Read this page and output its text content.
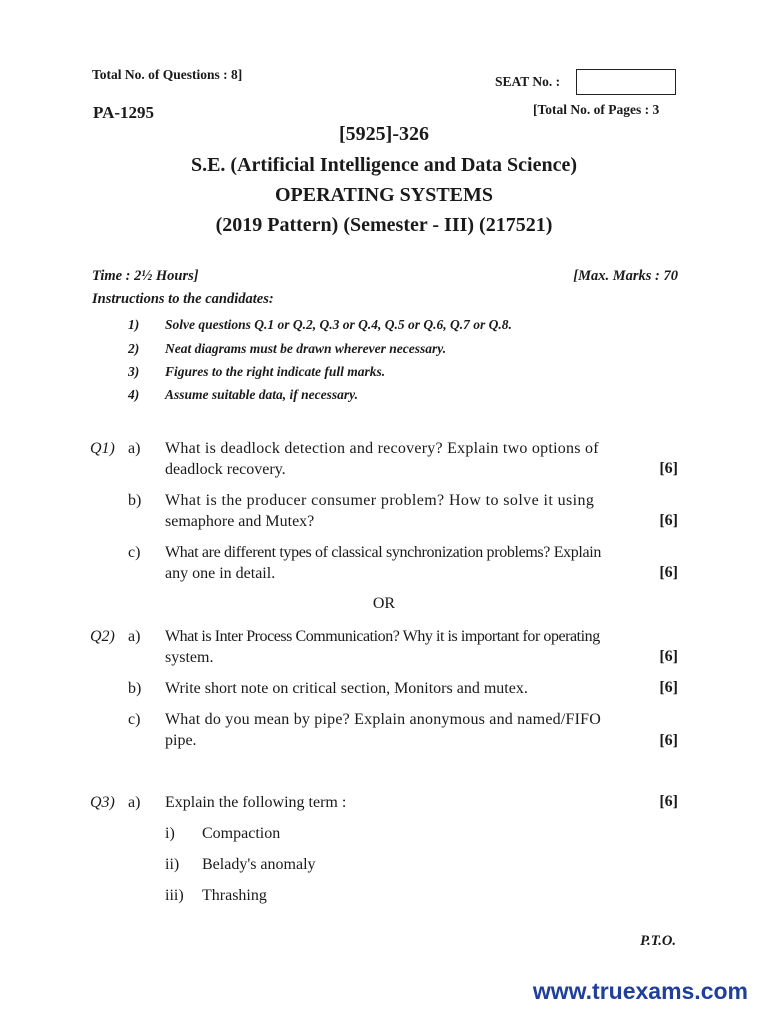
Total No. of Questions : 8]	SEAT No. :
PA-1295	[Total No. of Pages : 3
[5925]-326
S.E. (Artificial Intelligence and Data Science)
OPERATING SYSTEMS
(2019 Pattern) (Semester - III) (217521)
Time : 2½ Hours]	[Max. Marks : 70
Instructions to the candidates:
1) Solve questions Q.1 or Q.2, Q.3 or Q.4, Q.5 or Q.6, Q.7 or Q.8.
2) Neat diagrams must be drawn wherever necessary.
3) Figures to the right indicate full marks.
4) Assume suitable data, if necessary.
Q1) a) What is deadlock detection and recovery? Explain two options of
deadlock recovery.	[6]
b) What is the producer consumer problem? How to solve it using
semaphore and Mutex?	[6]
c) What are different types of classical synchronization problems? Explain
any one in detail.	[6]
OR
Q2) a) What is Inter Process Communication? Why it is important for operating
system.	[6]
b) Write short note on critical section, Monitors and mutex.	[6]
c) What do you mean by pipe? Explain anonymous and named/FIFO
pipe.	[6]
Q3) a) Explain the following term :	[6]
i) Compaction
ii) Belady's anomaly
iii) Thrashing
P.T.O.
www.truexams.com
